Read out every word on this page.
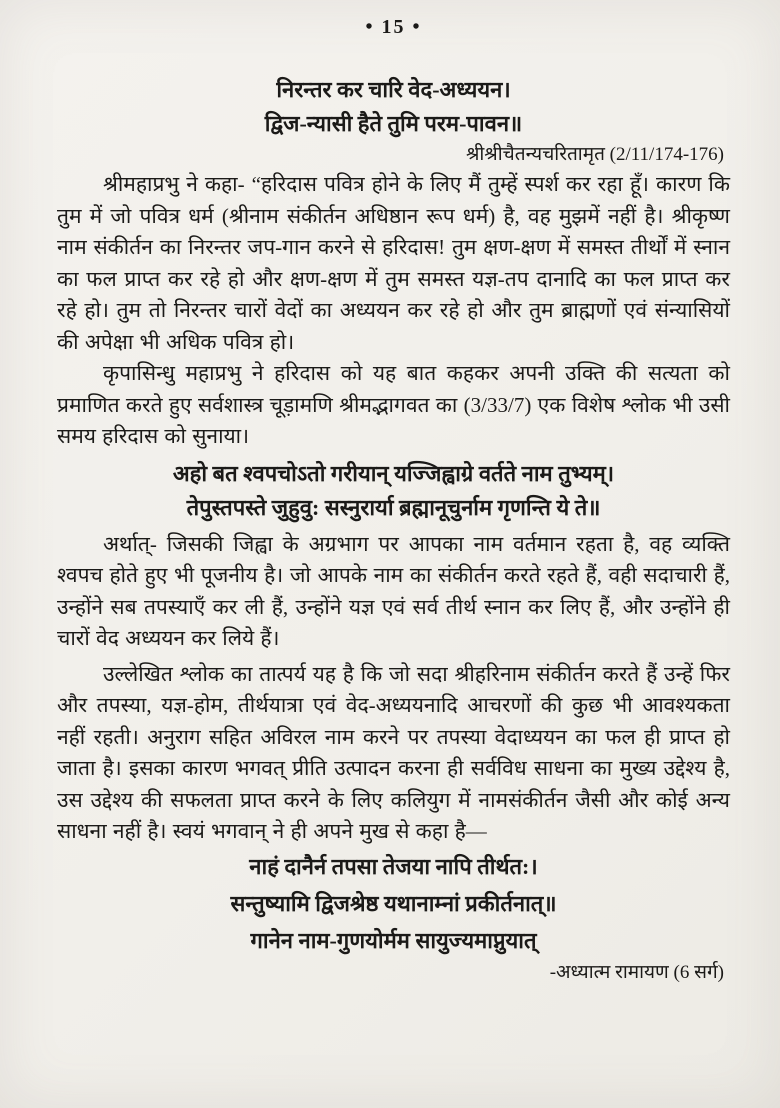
• 15 •
निरन्तर कर चारि वेद-अध्ययन।
द्विज-न्यासी हैते तुमि परम-पावन॥
श्रीश्रीचैतन्यचरितामृत (2/11/174-176)

श्रीमहाप्रभु ने कहा- “हरिदास पवित्र होने के लिए मैं तुम्हें स्पर्श कर रहा हूँ। कारण कि तुम में जो पवित्र धर्म (श्रीनाम संकीर्तन अधिष्ठान रूप धर्म) है, वह मुझमें नहीं है। श्रीकृष्ण नाम संकीर्तन का निरन्तर जप-गान करने से हरिदास! तुम क्षण-क्षण में समस्त तीर्थों में स्नान का फल प्राप्त कर रहे हो और क्षण-क्षण में तुम समस्त यज्ञ-तप दानादि का फल प्राप्त कर रहे हो। तुम तो निरन्तर चारों वेदों का अध्ययन कर रहे हो और तुम ब्राह्मणों एवं संन्यासियों की अपेक्षा भी अधिक पवित्र हो।

कृपासिन्धु महाप्रभु ने हरिदास को यह बात कहकर अपनी उक्ति की सत्यता को प्रमाणित करते हुए सर्वशास्त्र चूड़ामणि श्रीमद्भागवत का (3/33/7) एक विशेष श्लोक भी उसी समय हरिदास को सुनाया।

अहो बत श्वपचोऽतो गरीयान् यज्जिह्वाग्रे वर्तते नाम तुभ्यम्।
तेपुस्तपस्ते जुहुवु: सस्नुरार्या ब्रह्मानूचुर्नाम गृणन्ति ये ते॥

अर्थात्- जिसकी जिह्वा के अग्रभाग पर आपका नाम वर्तमान रहता है, वह व्यक्ति श्वपच होते हुए भी पूजनीय है। जो आपके नाम का संकीर्तन करते रहते हैं, वही सदाचारी हैं, उन्होंने सब तपस्याएँ कर ली हैं, उन्होंने यज्ञ एवं सर्व तीर्थ स्नान कर लिए हैं, और उन्होंने ही चारों वेद अध्ययन कर लिये हैं।

उल्लेखित श्लोक का तात्पर्य यह है कि जो सदा श्रीहरिनाम संकीर्तन करते हैं उन्हें फिर और तपस्या, यज्ञ-होम, तीर्थयात्रा एवं वेद-अध्ययनादि आचरणों की कुछ भी आवश्यकता नहीं रहती। अनुराग सहित अविरल नाम करने पर तपस्या वेदाध्ययन का फल ही प्राप्त हो जाता है। इसका कारण भगवत् प्रीति उत्पादन करना ही सर्वविध साधना का मुख्य उद्देश्य है, उस उद्देश्य की सफलता प्राप्त करने के लिए कलियुग में नामसंकीर्तन जैसी और कोई अन्य साधना नहीं है। स्वयं भगवान् ने ही अपने मुख से कहा है—

नाहं दानैर्न तपसा तेजया नापि तीर्थत:।
सन्तुष्यामि द्विजश्रेष्ठ यथानाम्नां प्रकीर्तनात्॥
गानेन नाम-गुणयोर्मम सायुज्यमाप्नुयात्
-अध्यात्म रामायण (6 सर्ग)
